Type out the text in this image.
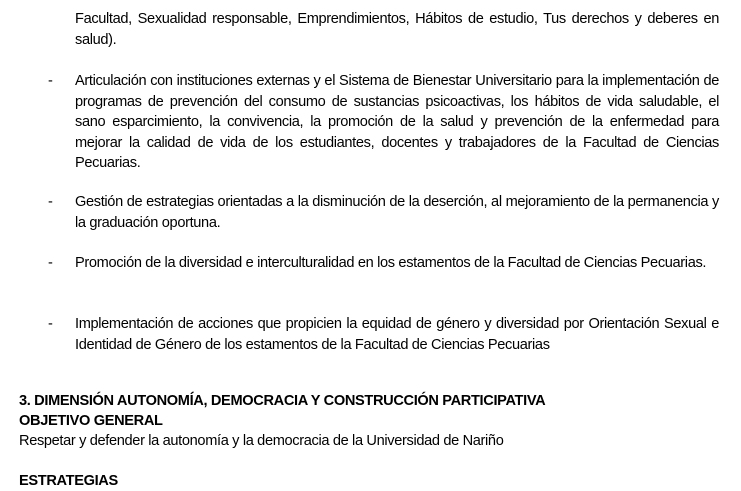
Facultad, Sexualidad responsable, Emprendimientos, Hábitos de estudio, Tus derechos y deberes en salud).

- Articulación con instituciones externas y el Sistema de Bienestar Universitario para la implementación de programas de prevención del consumo de sustancias psicoactivas, los hábitos de vida saludable, el sano esparcimiento, la convivencia, la promoción de la salud y prevención de la enfermedad para mejorar la calidad de vida de los estudiantes, docentes y trabajadores de la Facultad de Ciencias Pecuarias.

- Gestión de estrategias orientadas a la disminución de la deserción, al mejoramiento de la permanencia y la graduación oportuna.

- Promoción de la diversidad e interculturalidad en los estamentos de la Facultad de Ciencias Pecuarias.

- Implementación de acciones que propicien la equidad de género y diversidad por Orientación Sexual e Identidad de Género de los estamentos de la Facultad de Ciencias Pecuarias

3. DIMENSIÓN AUTONOMÍA, DEMOCRACIA Y CONSTRUCCIÓN PARTICIPATIVA

OBJETIVO GENERAL

Respetar y defender la autonomía y la democracia de la Universidad de Nariño

ESTRATEGIAS
